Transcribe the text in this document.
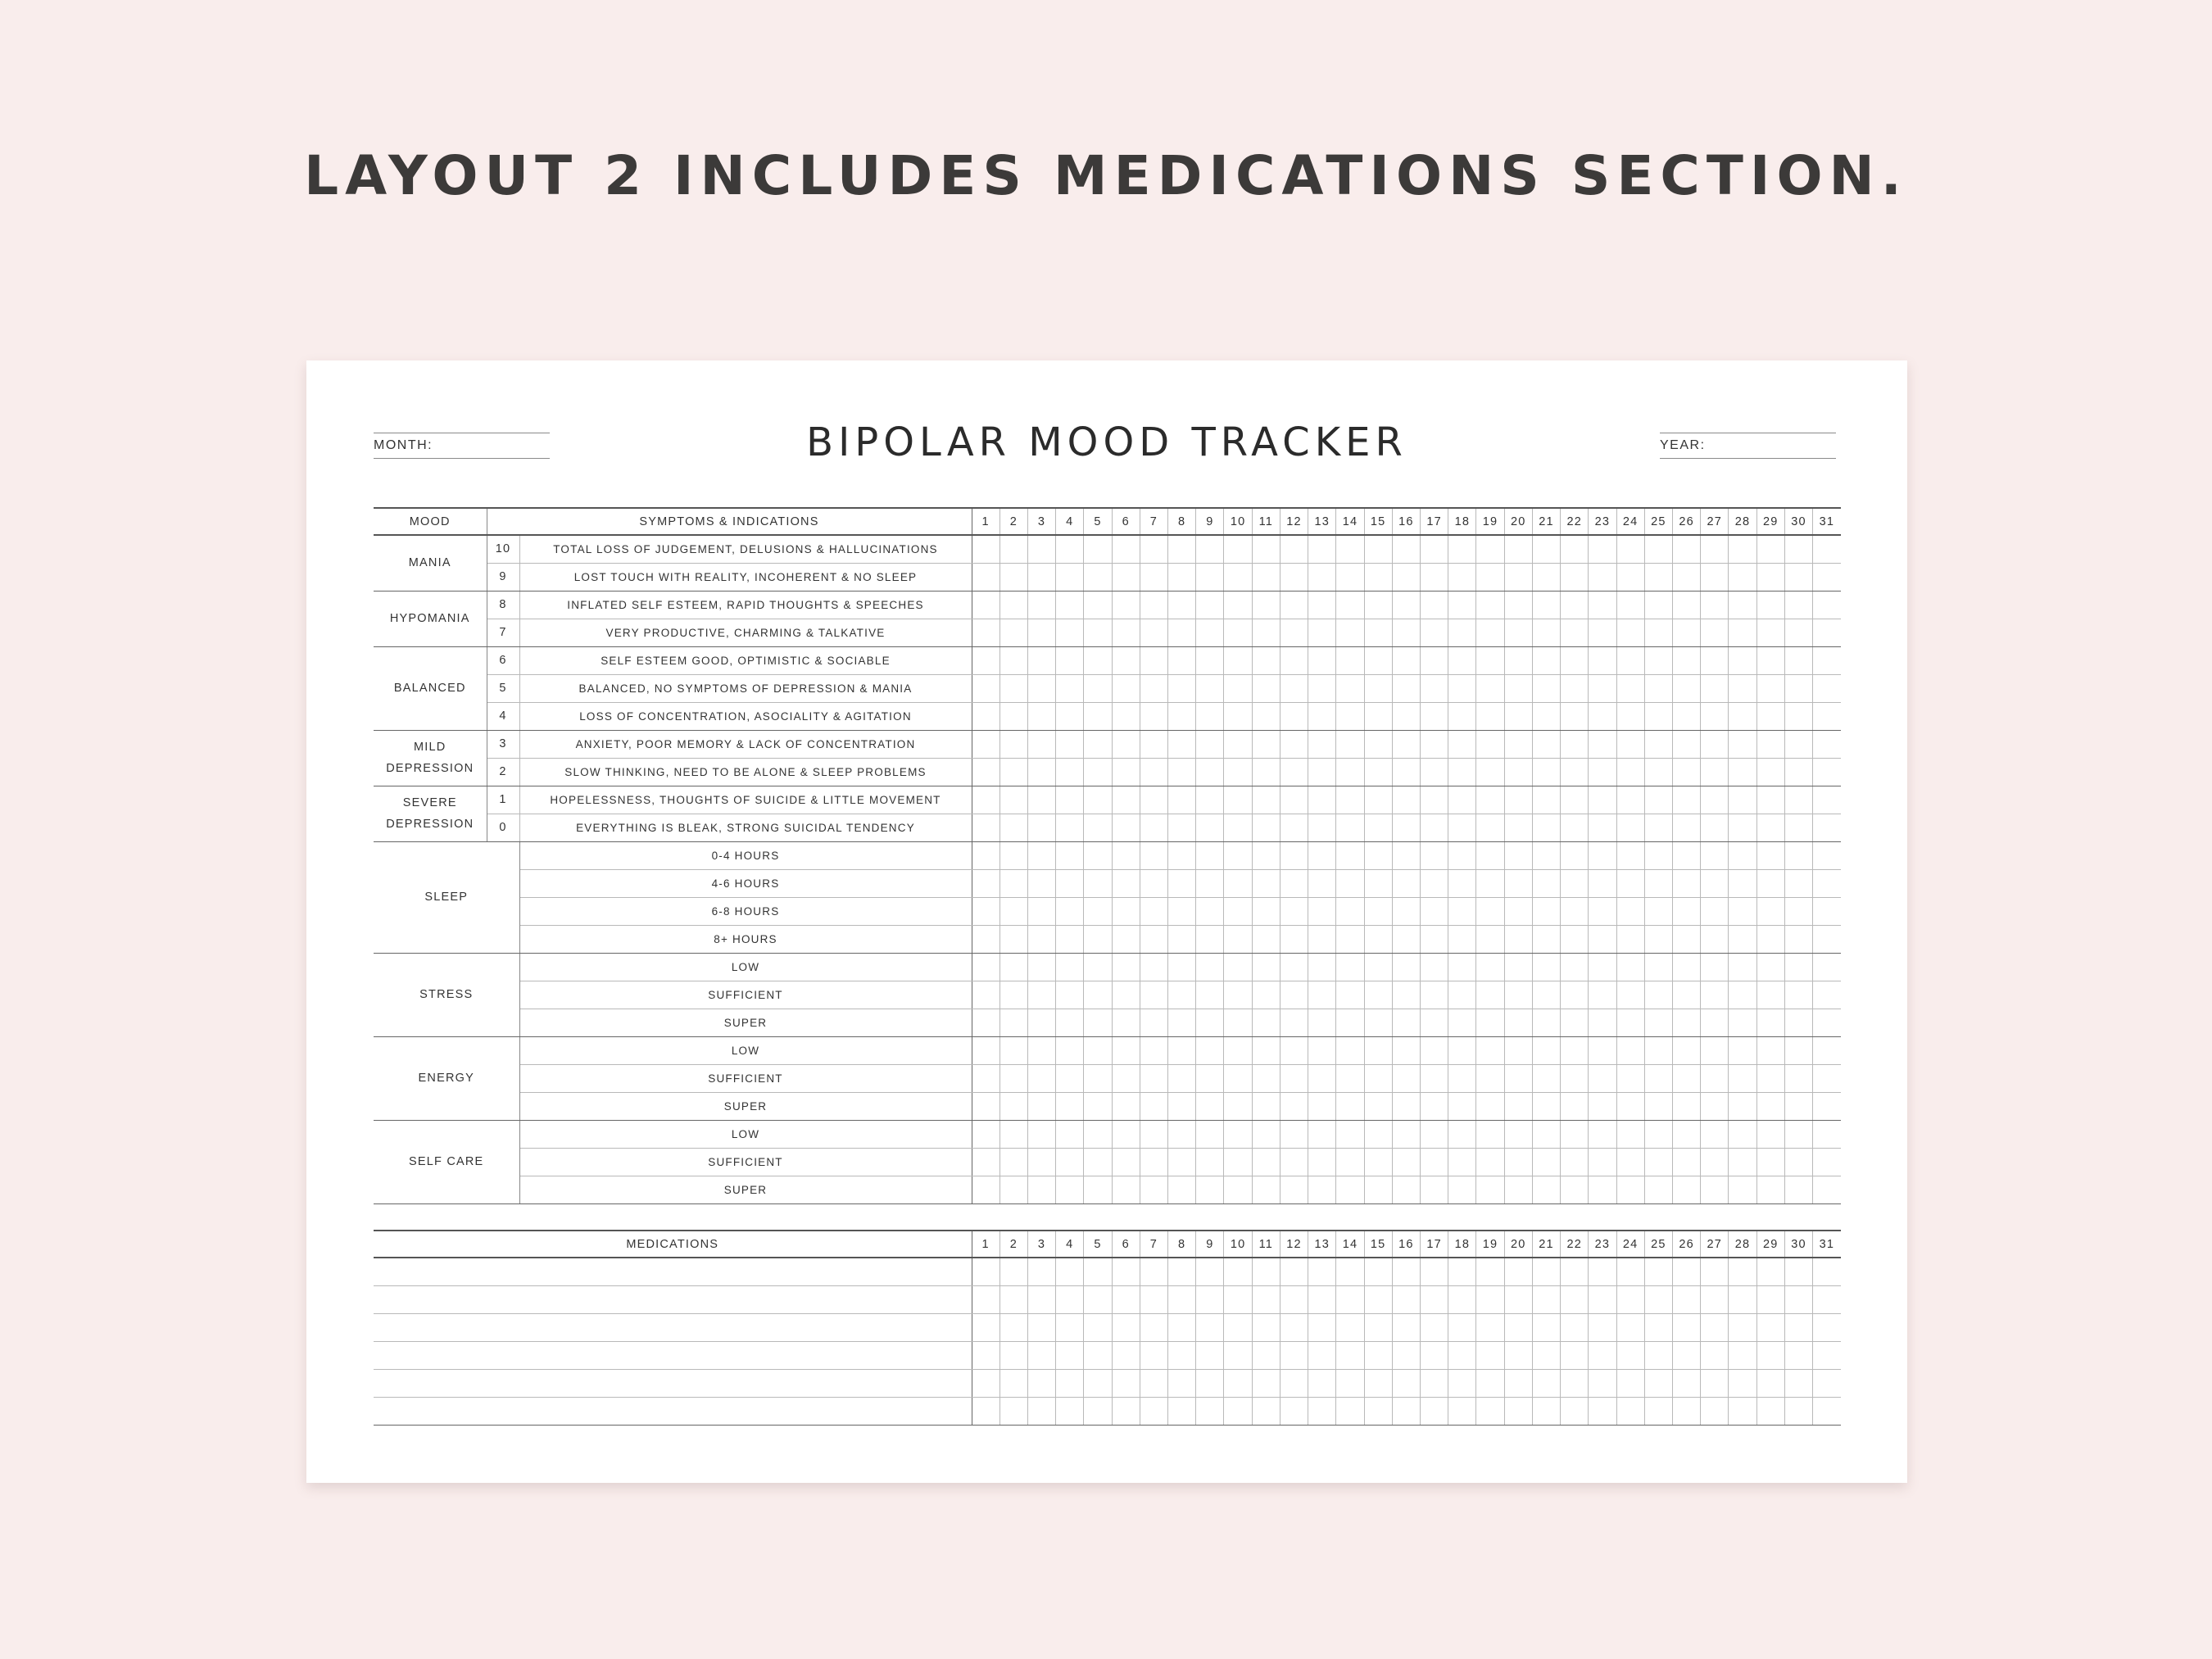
LAYOUT 2 INCLUDES MEDICATIONS SECTION.
MONTH:	BIPOLAR MOOD TRACKER	YEAR:
MOOD	SYMPTOMS & INDICATIONS		1	2	3	4	5	6	7	8	9	10	11	12	13	14	15	16	17	18	19	20	21	22	23	24	25	26	27	28	29	30	31
MANIA	10	TOTAL LOSS OF JUDGEMENT, DELUSIONS & HALLUCINATIONS																															
	9	LOST TOUCH WITH REALITY, INCOHERENT & NO SLEEP																															
HYPOMANIA	8	INFLATED SELF ESTEEM, RAPID THOUGHTS & SPEECHES																															
	7	VERY PRODUCTIVE, CHARMING & TALKATIVE																															
BALANCED	6	SELF ESTEEM GOOD, OPTIMISTIC & SOCIABLE																															
	5	BALANCED, NO SYMPTOMS OF DEPRESSION & MANIA																															
	4	LOSS OF CONCENTRATION, ASOCIALITY & AGITATION																															
MILD DEPRESSION	3	ANXIETY, POOR MEMORY & LACK OF CONCENTRATION																															
	2	SLOW THINKING, NEED TO BE ALONE & SLEEP PROBLEMS																															
SEVERE DEPRESSION	1	HOPELESSNESS, THOUGHTS OF SUICIDE & LITTLE MOVEMENT																															
	0	EVERYTHING IS BLEAK, STRONG SUICIDAL TENDENCY																															
SLEEP		0-4 HOURS																															
		4-6 HOURS																															
		6-8 HOURS																															
		8+ HOURS																															
STRESS		LOW																															
		SUFFICIENT																															
		SUPER																															
ENERGY		LOW																															
		SUFFICIENT																															
		SUPER																															
SELF CARE		LOW																															
		SUFFICIENT																															
		SUPER																															
MEDICATIONS	1	2	3	4	5	6	7	8	9	10	11	12	13	14	15	16	17	18	19	20	21	22	23	24	25	26	27	28	29	30	31
